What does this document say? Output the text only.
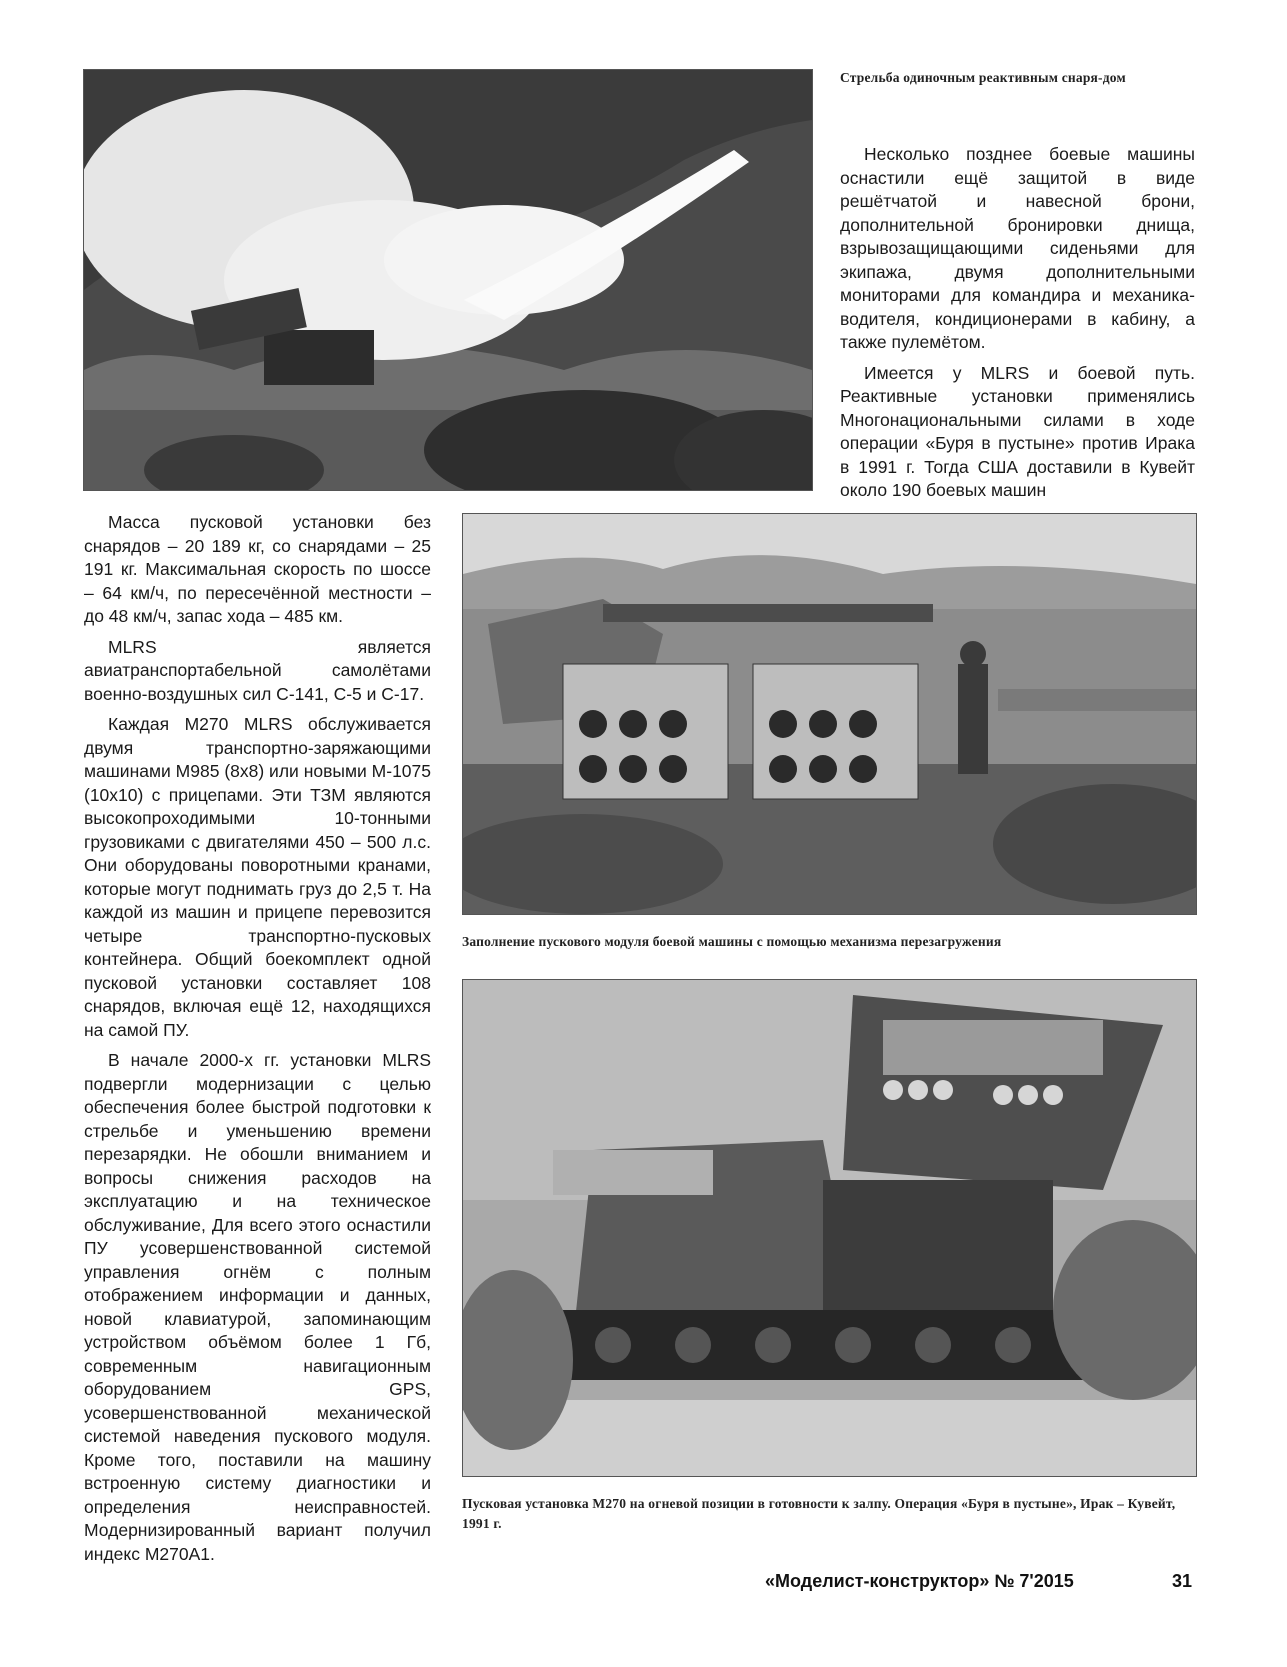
Стрельба одиночным реактивным снаря-дом

Несколько позднее боевые машины оснастили ещё защитой в виде решётчатой и навесной брони, дополнительной бронировки днища, взрывозащищающими сиденьями для экипажа, двумя дополнительными мониторами для командира и механика-водителя, кондиционерами в кабину, а также пулемётом.

Имеется у MLRS и боевой путь. Реактивные установки применялись Многонациональными силами в ходе операции «Буря в пустыне» против Ирака в 1991 г. Тогда США доставили в Кувейт около 190 боевых машин

Масса пусковой установки без снарядов – 20 189 кг, со снарядами – 25 191 кг. Максимальная скорость по шоссе – 64 км/ч, по пересечённой местности – до 48 км/ч, запас хода – 485 км.

MLRS является авиатранспортабельной самолётами военно-воздушных сил С-141, С-5 и С-17.

Каждая М270 MLRS обслуживается двумя транспортно-заряжающими машинами М985 (8х8) или новыми М-1075 (10х10) с прицепами. Эти ТЗМ являются высокопроходимыми 10-тонными грузовиками с двигателями 450 – 500 л.с. Они оборудованы поворотными кранами, которые могут поднимать груз до 2,5 т. На каждой из машин и прицепе перевозится четыре транспортно-пусковых контейнера. Общий боекомплект одной пусковой установки составляет 108 снарядов, включая ещё 12, находящихся на самой ПУ.

В начале 2000-х гг. установки MLRS подвергли модернизации с целью обеспечения более быстрой подготовки к стрельбе и уменьшению времени перезарядки. Не обошли вниманием и вопросы снижения расходов на эксплуатацию и на техническое обслуживание, Для всего этого оснастили ПУ усовершенствованной системой управления огнём с полным отображением информации и данных, новой клавиатурой, запоминающим устройством объёмом более 1 Гб, современным навигационным оборудованием GPS, усовершенствованной механической системой наведения пускового модуля. Кроме того, поставили на машину встроенную систему диагностики и определения неисправностей. Модернизированный вариант получил индекс М270А1.

Заполнение пускового модуля боевой машины с помощью механизма перезагружения
Пусковая установка М270 на огневой позиции в готовности к залпу. Операция «Буря в пустыне», Ирак – Кувейт, 1991 г.
«Моделист-конструктор» № 7'2015	31
